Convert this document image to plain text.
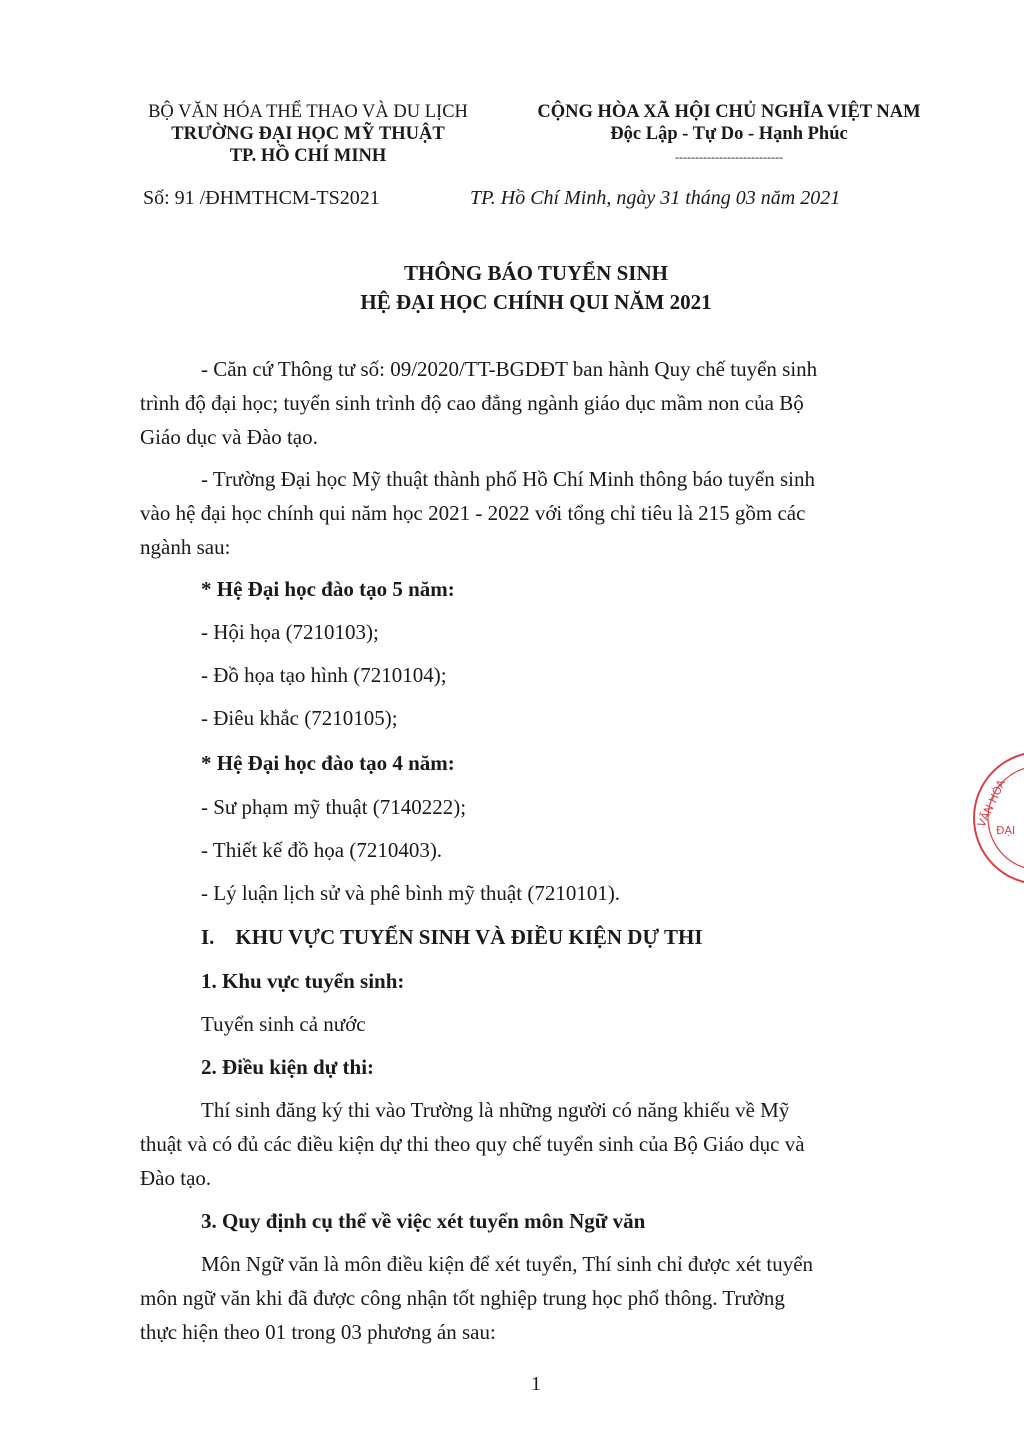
BỘ VĂN HÓA THỂ THAO VÀ DU LỊCH
TRƯỜNG ĐẠI HỌC MỸ THUẬT
TP. HỒ CHÍ MINH
CỘNG HÒA XÃ HỘI CHỦ NGHĨA VIỆT NAM
Độc Lập - Tự Do - Hạnh Phúc
---------------------------
Số: 91 /ĐHMTHCM-TS2021	TP. Hồ Chí Minh, ngày 31 tháng 03 năm 2021
THÔNG BÁO TUYỂN SINH
HỆ ĐẠI HỌC CHÍNH QUI NĂM 2021
- Căn cứ Thông tư số: 09/2020/TT-BGDĐT ban hành Quy chế tuyển sinh
trình độ đại học; tuyển sinh trình độ cao đẳng ngành giáo dục mầm non của Bộ
Giáo dục và Đào tạo.
- Trường Đại học Mỹ thuật thành phố Hồ Chí Minh thông báo tuyển sinh
vào hệ đại học chính qui năm học 2021 - 2022 với tổng chỉ tiêu là 215 gồm các
ngành sau:
* Hệ Đại học đào tạo 5 năm:
- Hội họa (7210103);
- Đồ họa tạo hình (7210104);
- Điêu khắc (7210105);
* Hệ Đại học đào tạo 4 năm:
- Sư phạm mỹ thuật (7140222);
- Thiết kế đồ họa (7210403).
- Lý luận lịch sử và phê bình mỹ thuật (7210101).
I.    KHU VỰC TUYỂN SINH VÀ ĐIỀU KIỆN DỰ THI
1. Khu vực tuyển sinh:
Tuyển sinh cả nước
2. Điều kiện dự thi:
Thí sinh đăng ký thi vào Trường là những người có năng khiếu về Mỹ
thuật và có đủ các điều kiện dự thi theo quy chế tuyển sinh của Bộ Giáo dục và
Đào tạo.
3. Quy định cụ thể về việc xét tuyển môn Ngữ văn
Môn Ngữ văn là môn điều kiện để xét tuyển, Thí sinh chỉ được xét tuyển
môn ngữ văn khi đã được công nhận tốt nghiệp trung học phổ thông. Trường
thực hiện theo 01 trong 03 phương án sau:
1
VĂN HÓA
ĐẠI
